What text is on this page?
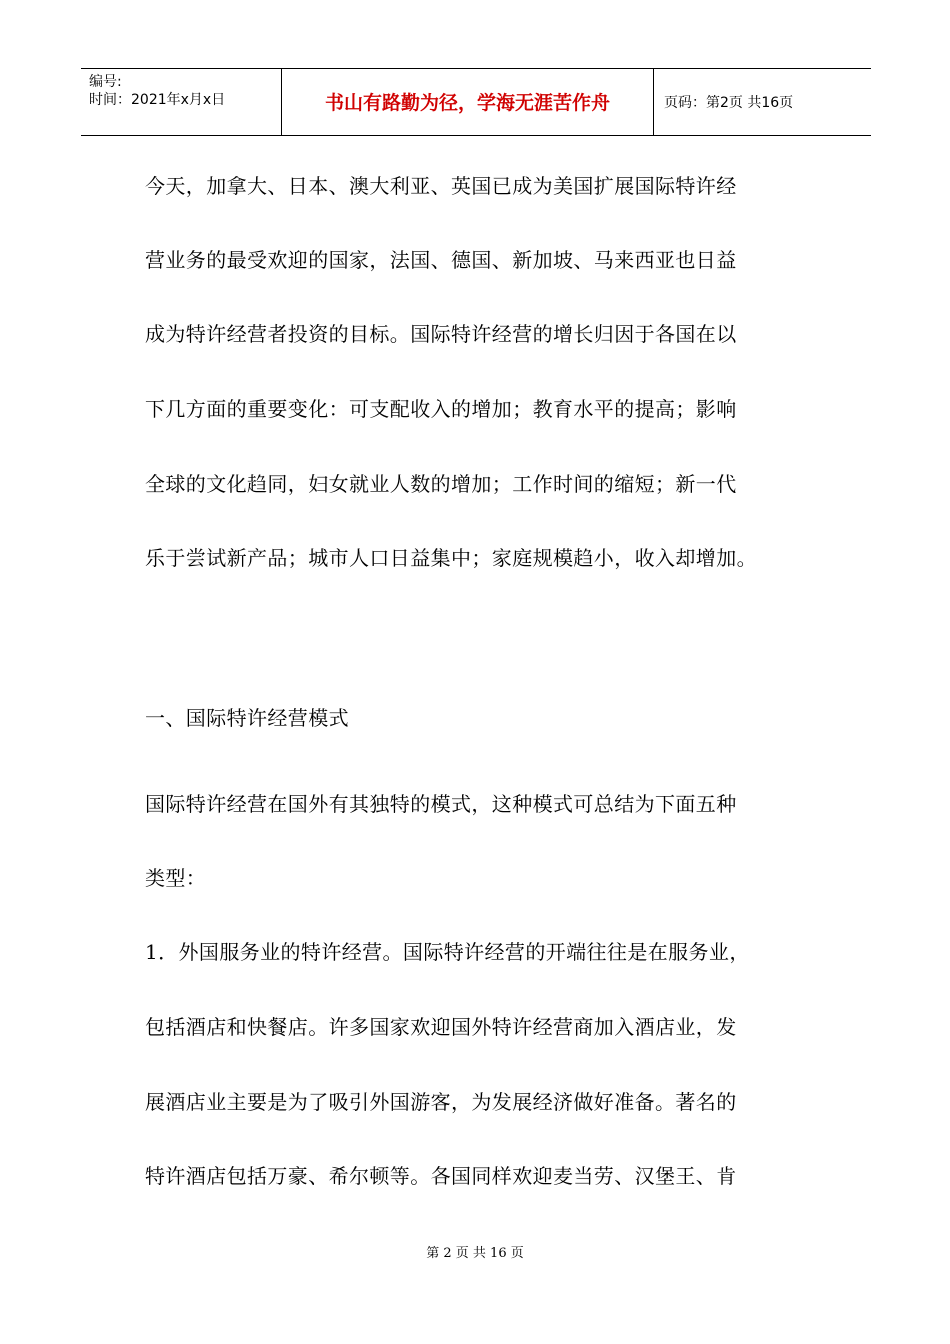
编号:
时间：2021年x月x日	书山有路勤为径，学海无涯苦作舟	页码：第2页 共16页
今天，加拿大、日本、澳大利亚、英国已成为美国扩展国际特许经
营业务的最受欢迎的国家，法国、德国、新加坡、马来西亚也日益
成为特许经营者投资的目标。国际特许经营的增长归因于各国在以
下几方面的重要变化：可支配收入的增加；教育水平的提高；影响
全球的文化趋同，妇女就业人数的增加；工作时间的缩短；新一代
乐于尝试新产品；城市人口日益集中；家庭规模趋小，收入却增加。
一、国际特许经营模式
国际特许经营在国外有其独特的模式，这种模式可总结为下面五种
类型：
1．外国服务业的特许经营。国际特许经营的开端往往是在服务业，
包括酒店和快餐店。许多国家欢迎国外特许经营商加入酒店业，发
展酒店业主要是为了吸引外国游客，为发展经济做好准备。著名的
特许酒店包括万豪、希尔顿等。各国同样欢迎麦当劳、汉堡王、肯
第 2 页 共 16 页
